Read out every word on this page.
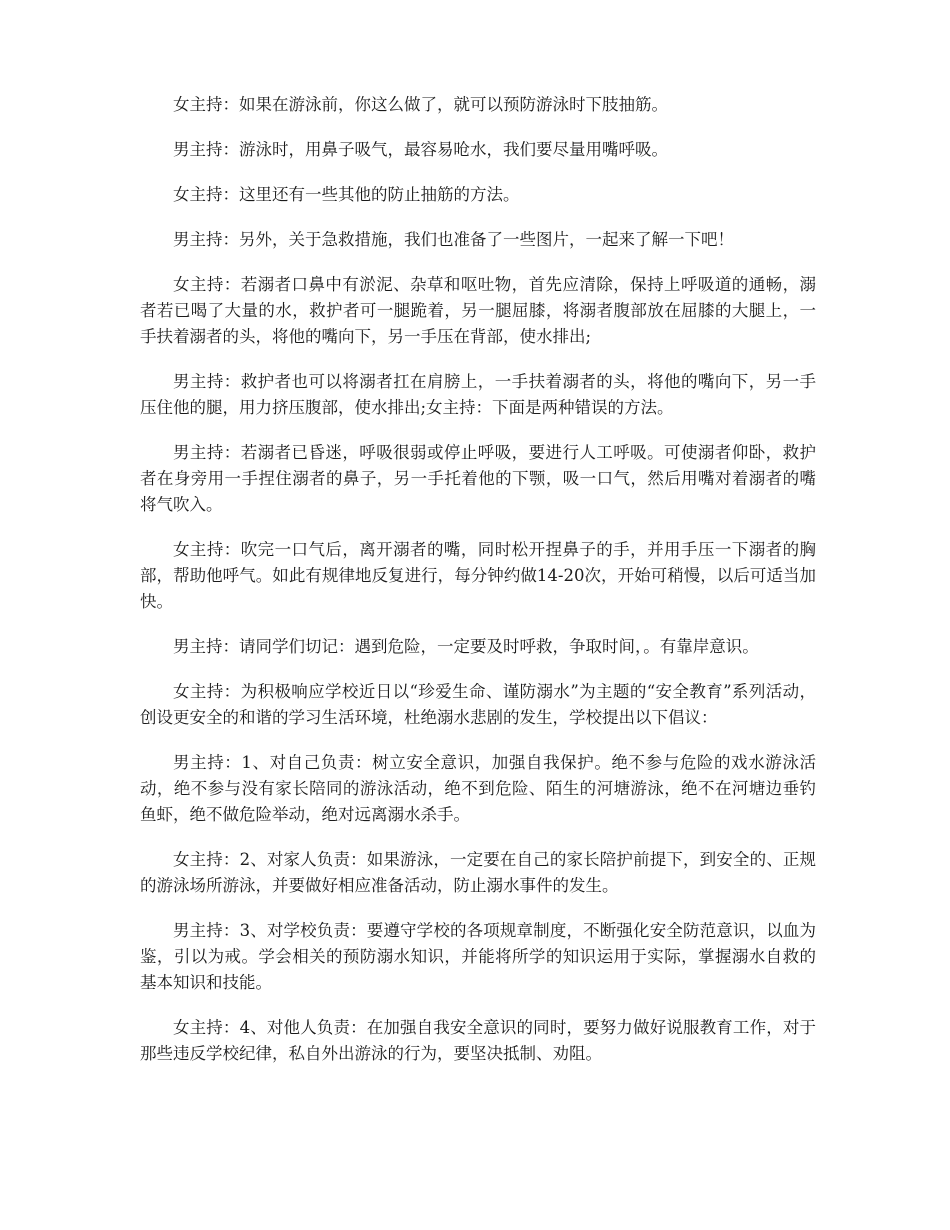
女主持：如果在游泳前，你这么做了，就可以预防游泳时下肢抽筋。

男主持：游泳时，用鼻子吸气，最容易呛水，我们要尽量用嘴呼吸。

女主持：这里还有一些其他的防止抽筋的方法。

男主持：另外，关于急救措施，我们也准备了一些图片，一起来了解一下吧！

女主持：若溺者口鼻中有淤泥、杂草和呕吐物，首先应清除，保持上呼吸道的通畅，溺者若已喝了大量的水，救护者可一腿跪着，另一腿屈膝，将溺者腹部放在屈膝的大腿上，一手扶着溺者的头，将他的嘴向下，另一手压在背部，使水排出;

男主持：救护者也可以将溺者扛在肩膀上，一手扶着溺者的头，将他的嘴向下，另一手压住他的腿，用力挤压腹部，使水排出;女主持：下面是两种错误的方法。

男主持：若溺者已昏迷，呼吸很弱或停止呼吸，要进行人工呼吸。可使溺者仰卧，救护者在身旁用一手捏住溺者的鼻子，另一手托着他的下颚，吸一口气，然后用嘴对着溺者的嘴将气吹入。

女主持：吹完一口气后，离开溺者的嘴，同时松开捏鼻子的手，并用手压一下溺者的胸部，帮助他呼气。如此有规律地反复进行，每分钟约做14-20次，开始可稍慢，以后可适当加快。

男主持：请同学们切记：遇到危险，一定要及时呼救，争取时间，。有靠岸意识。

女主持：为积极响应学校近日以“珍爱生命、谨防溺水”为主题的“安全教育”系列活动，创设更安全的和谐的学习生活环境，杜绝溺水悲剧的发生，学校提出以下倡议：

男主持：1、对自己负责：树立安全意识，加强自我保护。绝不参与危险的戏水游泳活动，绝不参与没有家长陪同的游泳活动，绝不到危险、陌生的河塘游泳，绝不在河塘边垂钓鱼虾，绝不做危险举动，绝对远离溺水杀手。

女主持：2、对家人负责：如果游泳，一定要在自己的家长陪护前提下，到安全的、正规的游泳场所游泳，并要做好相应准备活动，防止溺水事件的发生。

男主持：3、对学校负责：要遵守学校的各项规章制度，不断强化安全防范意识，以血为鉴，引以为戒。学会相关的预防溺水知识，并能将所学的知识运用于实际，掌握溺水自救的基本知识和技能。

女主持：4、对他人负责：在加强自我安全意识的同时，要努力做好说服教育工作，对于那些违反学校纪律，私自外出游泳的行为，要坚决抵制、劝阻。
